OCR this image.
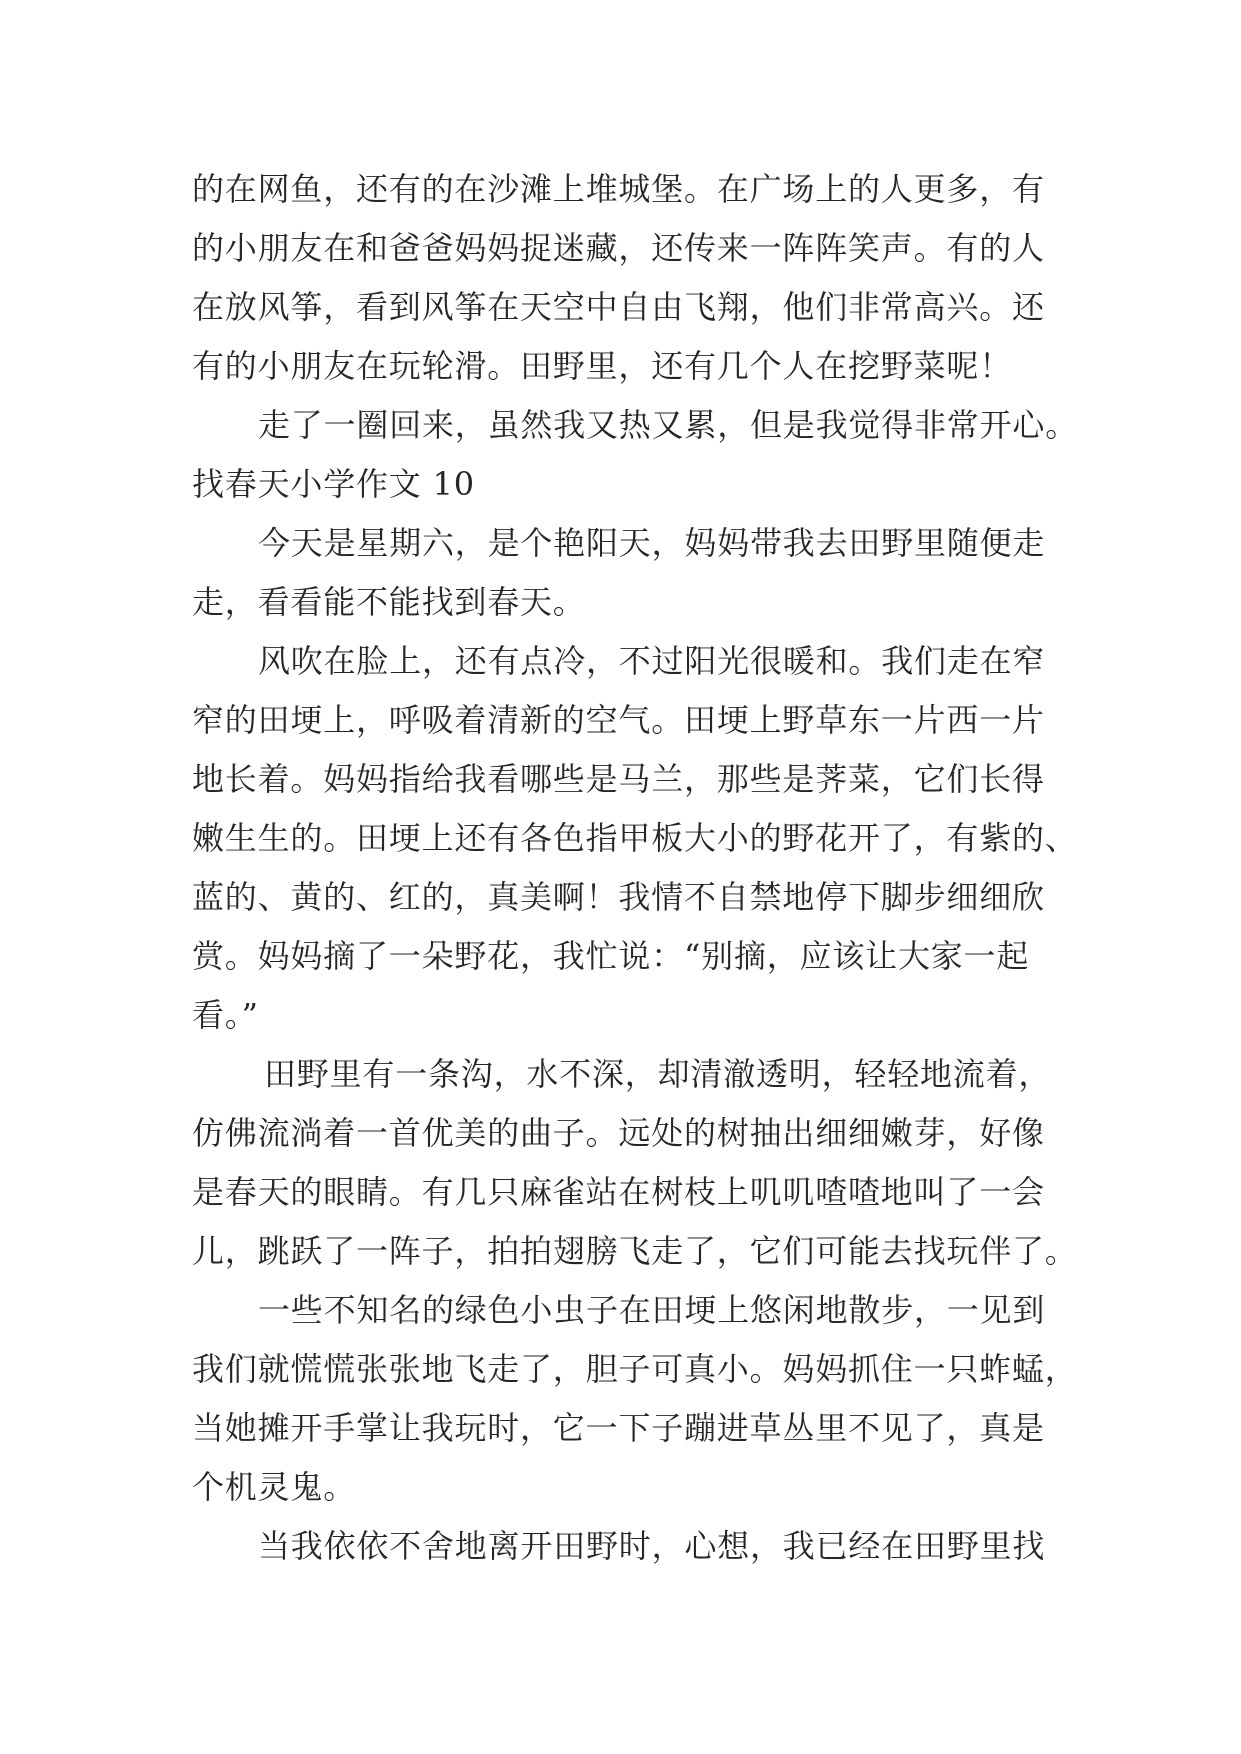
的在网鱼，还有的在沙滩上堆城堡。在广场上的人更多，有
的小朋友在和爸爸妈妈捉迷藏，还传来一阵阵笑声。有的人
在放风筝，看到风筝在天空中自由飞翔，他们非常高兴。还
有的小朋友在玩轮滑。田野里，还有几个人在挖野菜呢！
走了一圈回来，虽然我又热又累，但是我觉得非常开心。
找春天小学作文 10
今天是星期六，是个艳阳天，妈妈带我去田野里随便走
走，看看能不能找到春天。
风吹在脸上，还有点冷，不过阳光很暖和。我们走在窄
窄的田埂上，呼吸着清新的空气。田埂上野草东一片西一片
地长着。妈妈指给我看哪些是马兰，那些是荠菜，它们长得
嫩生生的。田埂上还有各色指甲板大小的野花开了，有紫的、
蓝的、黄的、红的，真美啊！我情不自禁地停下脚步细细欣
赏。妈妈摘了一朵野花，我忙说：“别摘，应该让大家一起
看。”
田野里有一条沟，水不深，却清澈透明，轻轻地流着，
仿佛流淌着一首优美的曲子。远处的树抽出细细嫩芽，好像
是春天的眼睛。有几只麻雀站在树枝上叽叽喳喳地叫了一会
儿，跳跃了一阵子，拍拍翅膀飞走了，它们可能去找玩伴了。
一些不知名的绿色小虫子在田埂上悠闲地散步，一见到
我们就慌慌张张地飞走了，胆子可真小。妈妈抓住一只蚱蜢，
当她摊开手掌让我玩时，它一下子蹦进草丛里不见了，真是
个机灵鬼。
当我依依不舍地离开田野时，心想，我已经在田野里找
